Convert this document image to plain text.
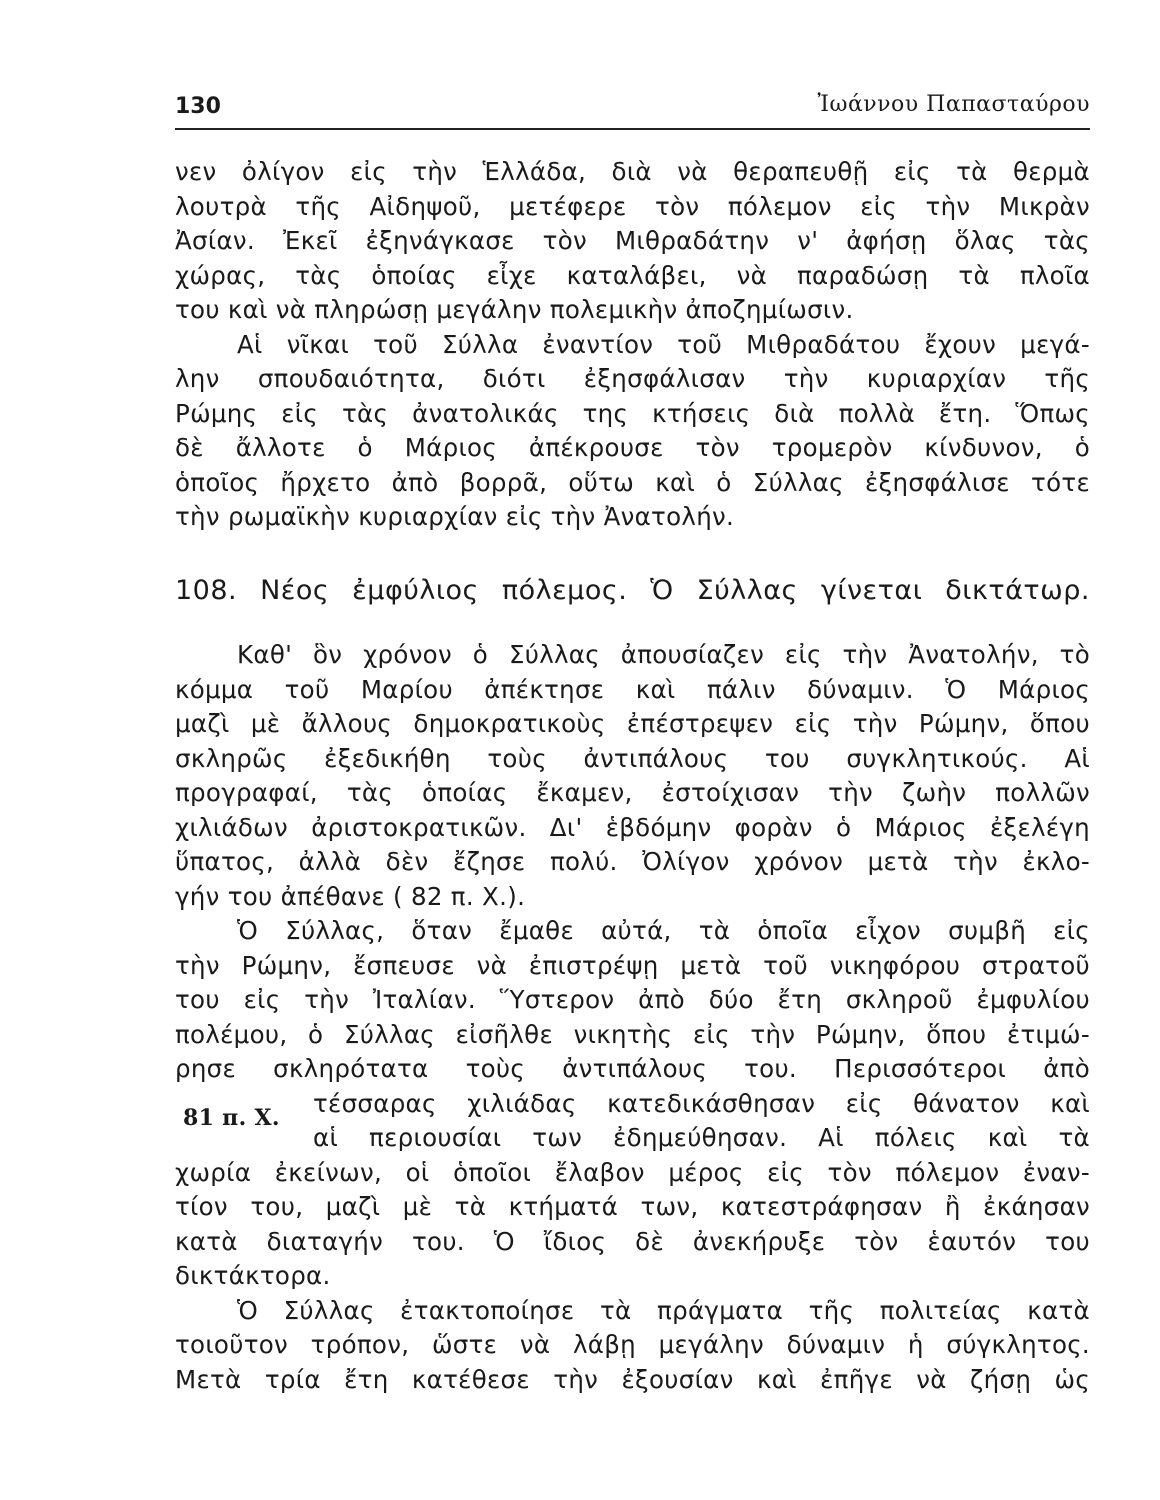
130	Ἰωάννου Παπασταύρου
νεν ὀλίγον εἰς τὴν Ἑλλάδα, διὰ νὰ θεραπευθῇ εἰς τὰ θερμὰ
λουτρὰ τῆς Αἰδηψοῦ, μετέφερε τὸν πόλεμον εἰς τὴν Μικρὰν
Ἀσίαν. Ἐκεῖ ἐξηνάγκασε τὸν Μιθραδάτην ν' ἀφήσῃ ὅλας τὰς
χώρας, τὰς ὁποίας εἶχε καταλάβει, νὰ παραδώσῃ τὰ πλοῖα
του καὶ νὰ πληρώσῃ μεγάλην πολεμικὴν ἀποζημίωσιν.
Αἱ νῖκαι τοῦ Σύλλα ἐναντίον τοῦ Μιθραδάτου ἔχουν μεγά-
λην σπουδαιότητα, διότι ἐξησφάλισαν τὴν κυριαρχίαν τῆς
Ρώμης εἰς τὰς ἀνατολικάς της κτήσεις διὰ πολλὰ ἔτη. Ὅπως
δὲ ἄλλοτε ὁ Μάριος ἀπέκρουσε τὸν τρομερὸν κίνδυνον, ὁ
ὁποῖος ἤρχετο ἀπὸ βορρᾶ, οὕτω καὶ ὁ Σύλλας ἐξησφάλισε τότε
τὴν ρωμαϊκὴν κυριαρχίαν εἰς τὴν Ἀνατολήν.
108. Νέος ἐμφύλιος πόλεμος. Ὁ Σύλλας γίνεται δικτάτωρ.
Καθ' ὃν χρόνον ὁ Σύλλας ἀπουσίαζεν εἰς τὴν Ἀνατολήν, τὸ
κόμμα τοῦ Μαρίου ἀπέκτησε καὶ πάλιν δύναμιν. Ὁ Μάριος
μαζὶ μὲ ἄλλους δημοκρατικοὺς ἐπέστρεψεν εἰς τὴν Ρώμην, ὅπου
σκληρῶς ἐξεδικήθη τοὺς ἀντιπάλους του συγκλητικούς. Αἱ
προγραφαί, τὰς ὁποίας ἔκαμεν, ἐστοίχισαν τὴν ζωὴν πολλῶν
χιλιάδων ἀριστοκρατικῶν. Δι' ἑβδόμην φορὰν ὁ Μάριος ἐξελέγη
ὕπατος, ἀλλὰ δὲν ἔζησε πολύ. Ὀλίγον χρόνον μετὰ τὴν ἐκλο-
γήν του ἀπέθανε ( 82 π. Χ.).
Ὁ Σύλλας, ὅταν ἔμαθε αὐτά, τὰ ὁποῖα εἶχον συμβῆ εἰς
τὴν Ρώμην, ἔσπευσε νὰ ἐπιστρέψῃ μετὰ τοῦ νικηφόρου στρατοῦ
του εἰς τὴν Ἰταλίαν. Ὕστερον ἀπὸ δύο ἔτη σκληροῦ ἐμφυλίου
πολέμου, ὁ Σύλλας εἰσῆλθε νικητὴς εἰς τὴν Ρώμην, ὅπου ἐτιμώ-
ρησε σκληρότατα τοὺς ἀντιπάλους του. Περισσότεροι ἀπὸ
81 π. Χ.	τέσσαρας χιλιάδας κατεδικάσθησαν εἰς θάνατον καὶ
αἱ περιουσίαι των ἐδημεύθησαν. Αἱ πόλεις καὶ τὰ
χωρία ἐκείνων, οἱ ὁποῖοι ἔλαβον μέρος εἰς τὸν πόλεμον ἐναν-
τίον του, μαζὶ μὲ τὰ κτήματά των, κατεστράφησαν ἢ ἐκάησαν
κατὰ διαταγήν του. Ὁ ἴδιος δὲ ἀνεκήρυξε τὸν ἑαυτόν του
δικτάκτορα.
Ὁ Σύλλας ἐτακτοποίησε τὰ πράγματα τῆς πολιτείας κατὰ
τοιοῦτον τρόπον, ὥστε νὰ λάβῃ μεγάλην δύναμιν ἡ σύγκλητος.
Μετὰ τρία ἔτη κατέθεσε τὴν ἐξουσίαν καὶ ἐπῆγε νὰ ζήσῃ ὡς
